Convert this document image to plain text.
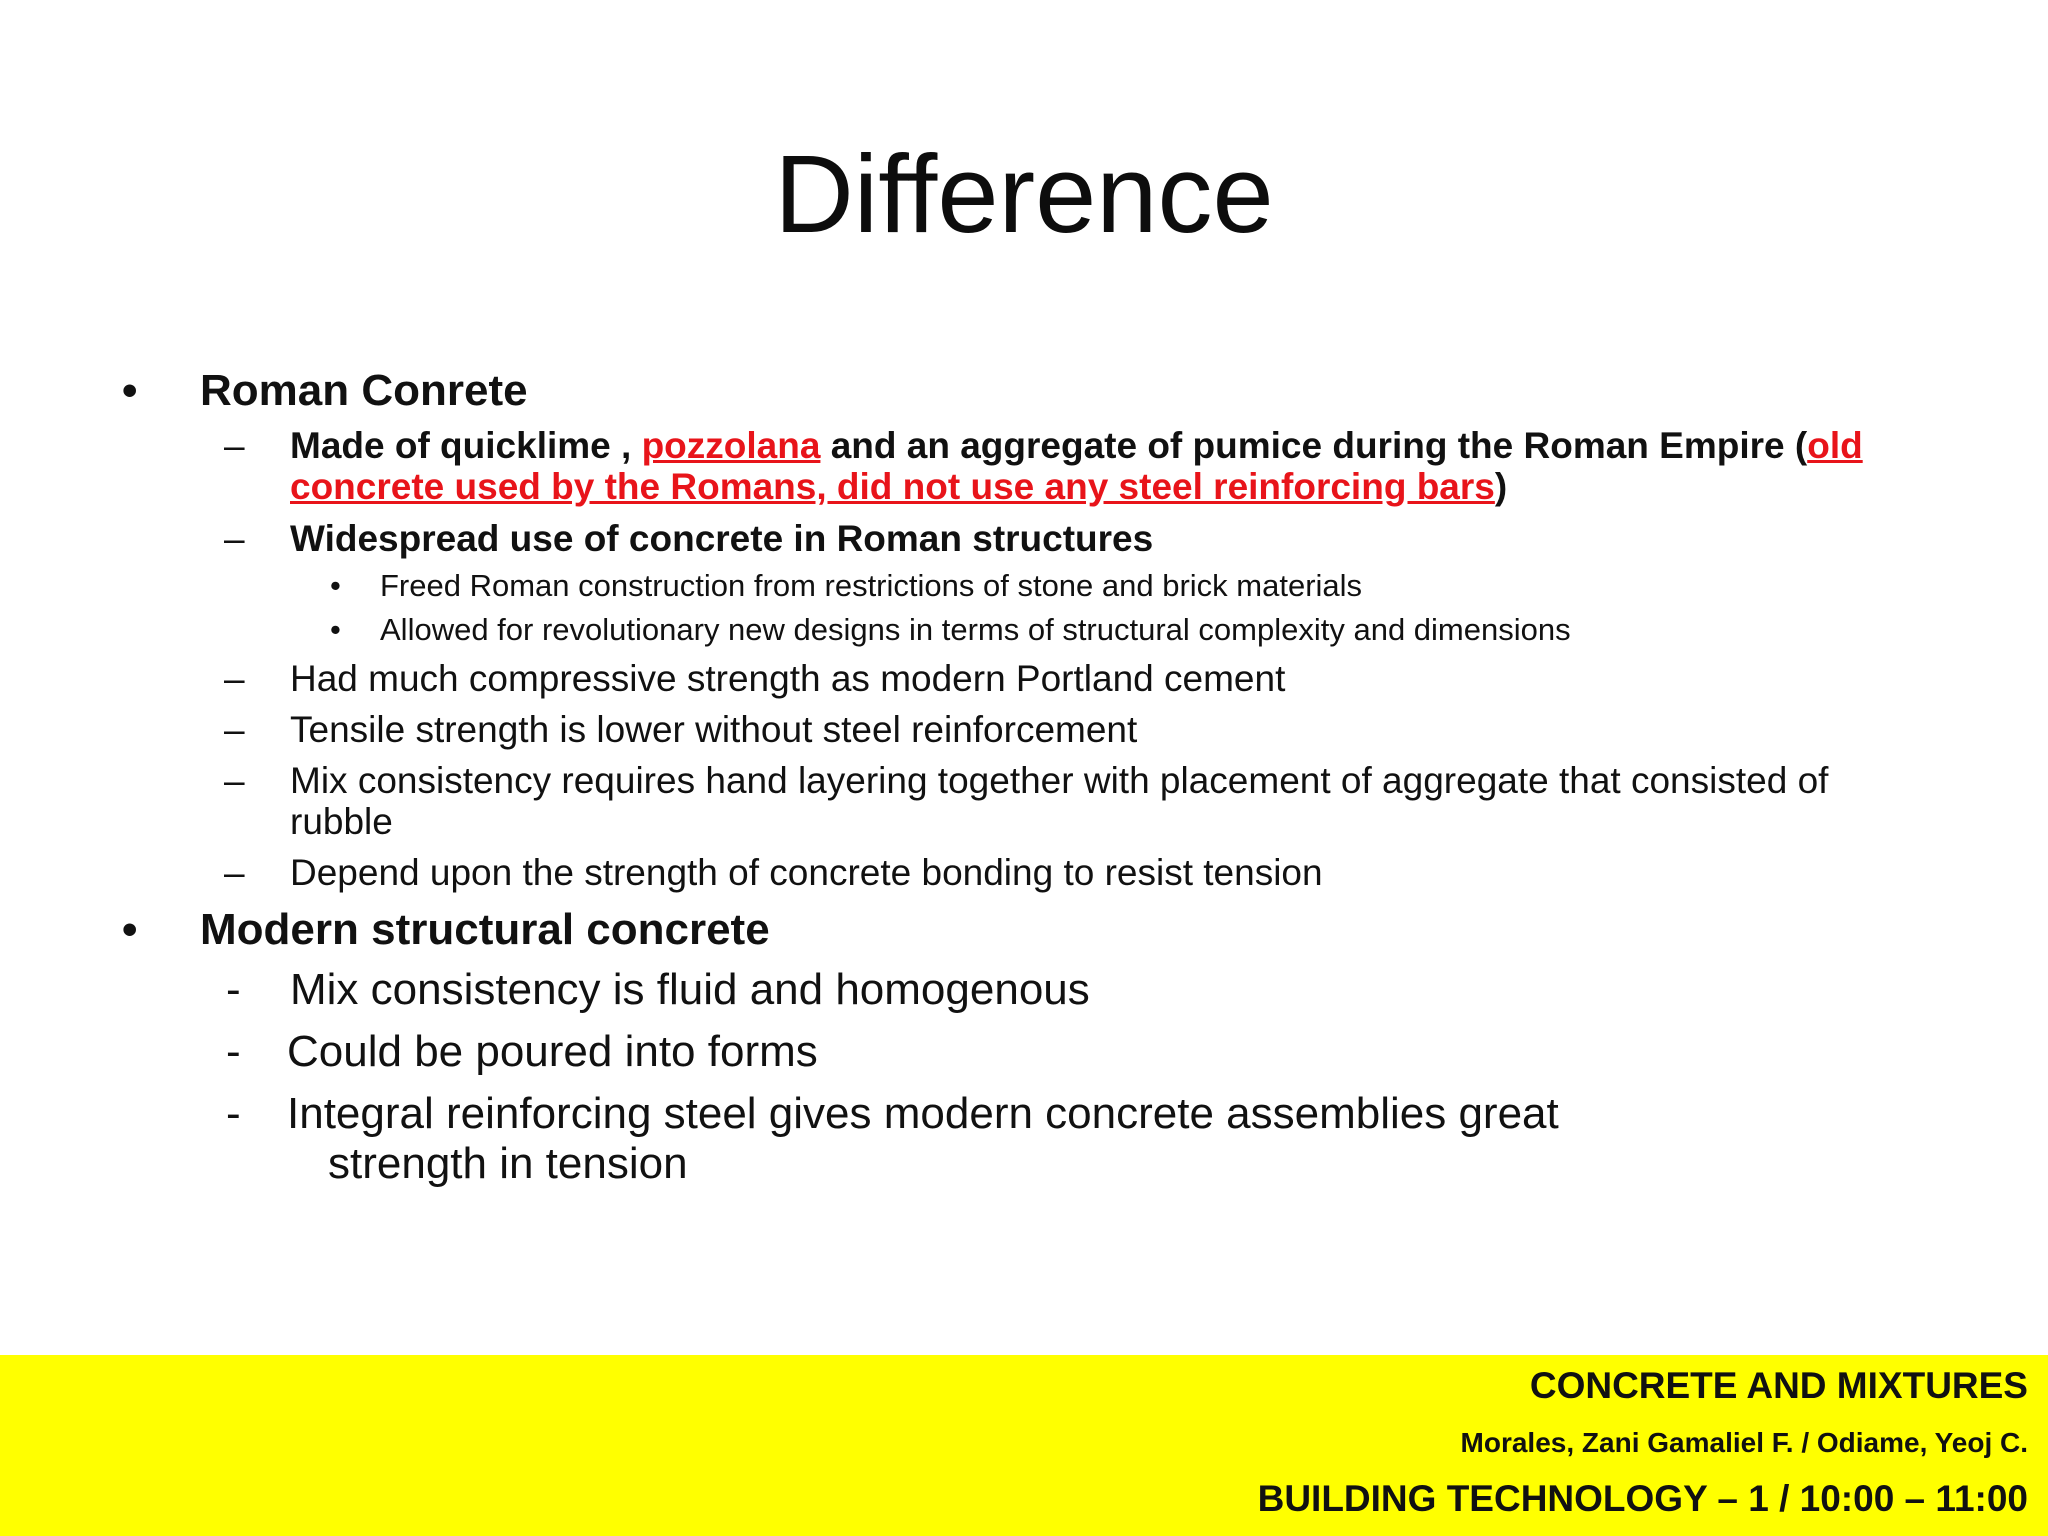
Difference
• Roman Conrete
– Made of quicklime , pozzolana and an aggregate of pumice during the Roman Empire (old
concrete used by the Romans, did not use any steel reinforcing bars)
– Widespread use of concrete in Roman structures
• Freed Roman construction from restrictions of stone and brick materials
• Allowed for revolutionary new designs in terms of structural complexity and dimensions
– Had much compressive strength as modern Portland cement
– Tensile strength is lower without steel reinforcement
– Mix consistency requires hand layering together with placement of aggregate that consisted of
rubble
– Depend upon the strength of concrete bonding to resist tension
• Modern structural concrete
- Mix consistency is fluid and homogenous
- Could be poured into forms
- Integral reinforcing steel gives modern concrete assemblies great
strength in tension
CONCRETE AND MIXTURES
Morales, Zani Gamaliel F. / Odiame, Yeoj C.
BUILDING TECHNOLOGY – 1 / 10:00 – 11:00
